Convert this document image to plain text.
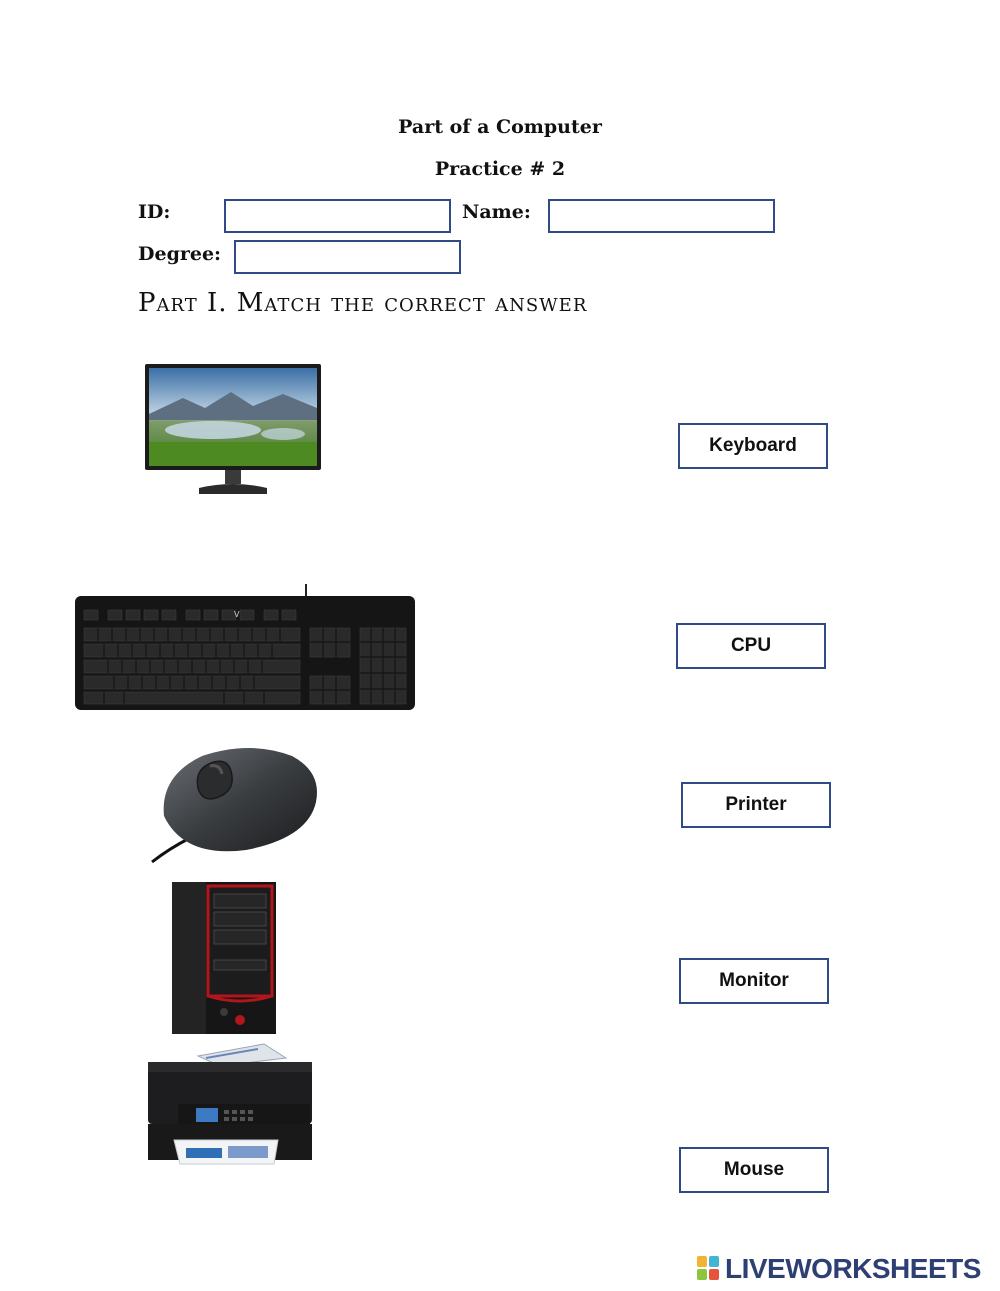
Part of a Computer
Practice # 2
ID:	Name:
Degree:
Part I. Match the correct answer
V
Keyboard
CPU
Printer
Monitor
Mouse
LIVEWORKSHEETS
